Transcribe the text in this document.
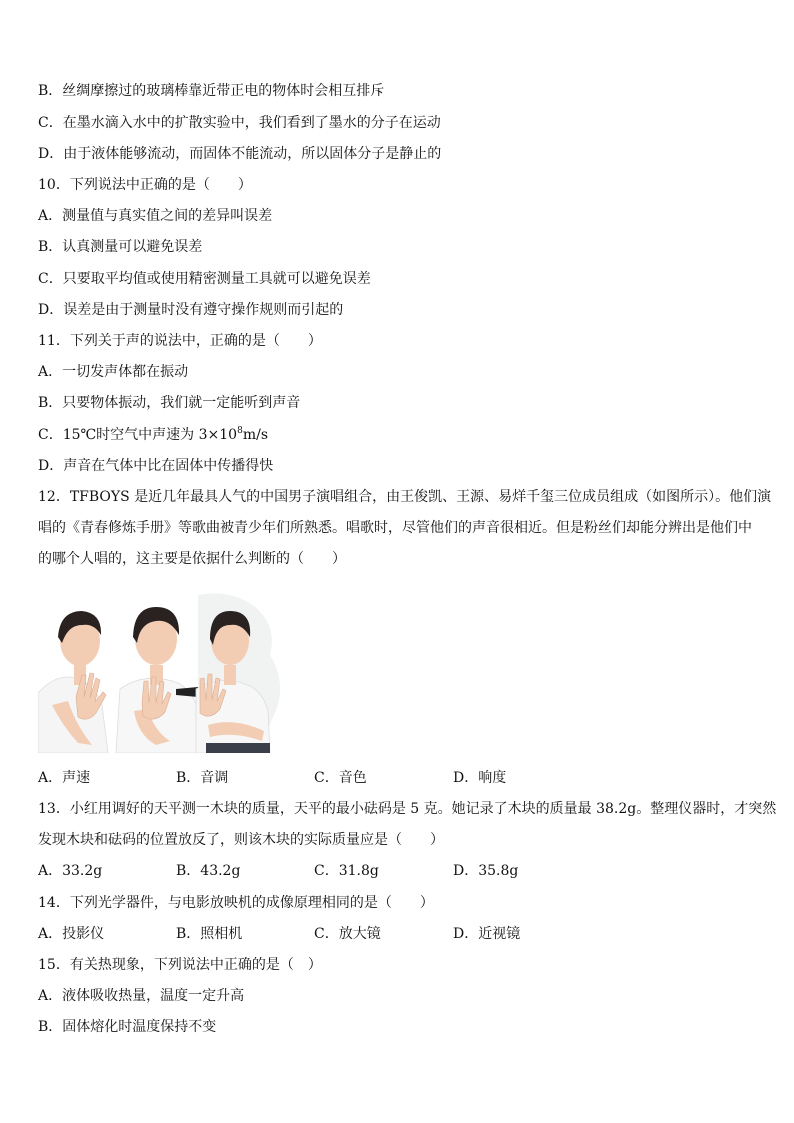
B．丝绸摩擦过的玻璃棒靠近带正电的物体时会相互排斥
C．在墨水滴入水中的扩散实验中，我们看到了墨水的分子在运动
D．由于液体能够流动，而固体不能流动，所以固体分子是静止的
10．下列说法中正确的是（　　）
A．测量值与真实值之间的差异叫误差
B．认真测量可以避免误差
C．只要取平均值或使用精密测量工具就可以避免误差
D．误差是由于测量时没有遵守操作规则而引起的
11．下列关于声的说法中，正确的是（　　）
A．一切发声体都在振动
B．只要物体振动，我们就一定能听到声音
C．15℃时空气中声速为 $3\times 10^8m/s$
D．声音在气体中比在固体中传播得快
12．TFBOYS 是近几年最具人气的中国男子演唱组合，由王俊凯、王源、易烊千玺三位成员组成（如图所示）。他们演
唱的《青春修炼手册》等歌曲被青少年们所熟悉。唱歌时，尽管他们的声音很相近。但是粉丝们却能分辨出是他们中
的哪个人唱的，这主要是依据什么判断的（　　）
A．声速	B．音调	C．音色	D．响度
13．小红用调好的天平测一木块的质量，天平的最小砝码是 5 克。她记录了木块的质量最 38.2g。整理仪器时，才突然
发现木块和砝码的位置放反了，则该木块的实际质量应是（　　）
A．33.2g	B．43.2g	C．31.8g	D．35.8g
14．下列光学器件，与电影放映机的成像原理相同的是（　　）
A．投影仪	B．照相机	C．放大镜	D．近视镜
15．有关热现象，下列说法中正确的是（　）
A．液体吸收热量，温度一定升高
B．固体熔化时温度保持不变
